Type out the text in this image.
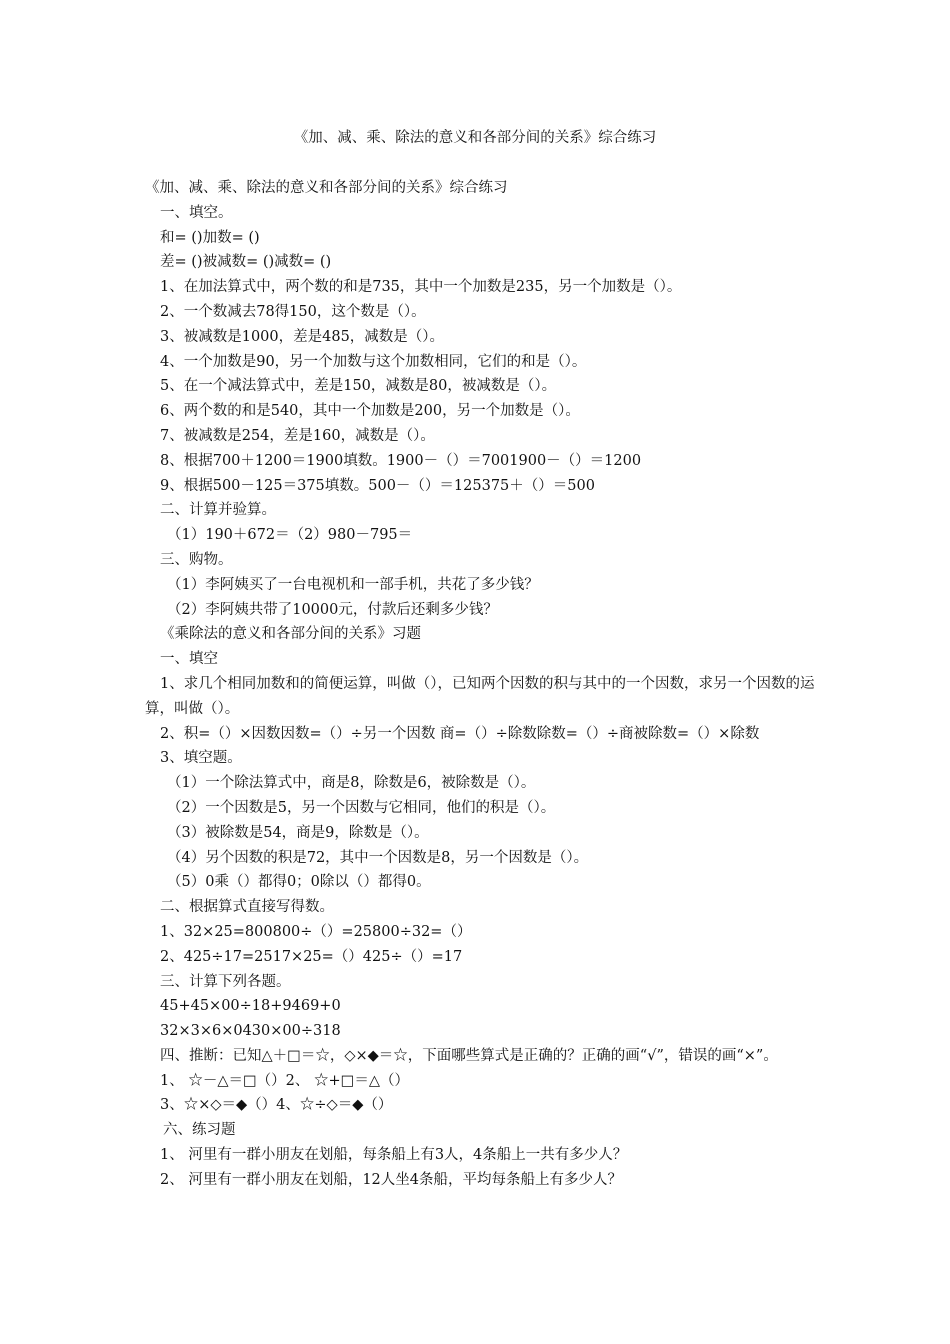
《加、减、乘、除法的意义和各部分间的关系》综合练习
《加、减、乘、除法的意义和各部分间的关系》综合练习
一、填空。
和= ()加数= ()
差= ()被减数= ()减数= ()
1、在加法算式中，两个数的和是735，其中一个加数是235，另一个加数是（）。
2、一个数减去78得150，这个数是（）。
3、被减数是1000，差是485，减数是（）。
4、一个加数是90，另一个加数与这个加数相同，它们的和是（）。
5、在一个减法算式中，差是150，减数是80，被减数是（）。
6、两个数的和是540，其中一个加数是200，另一个加数是（）。
7、被减数是254，差是160，减数是（）。
8、根据700＋1200＝1900填数。1900－（）＝7001900－（）＝1200
9、根据500－125＝375填数。500－（）＝125375＋（）＝500
二、计算并验算。
（1）190＋672＝（2）980－795＝
三、购物。
（1）李阿姨买了一台电视机和一部手机，共花了多少钱？
（2）李阿姨共带了10000元，付款后还剩多少钱？
《乘除法的意义和各部分间的关系》习题
一、填空
1、求几个相同加数和的简便运算，叫做（），已知两个因数的积与其中的一个因数，求另一个因数的运算，叫做（）。
2、积=（）×因数因数=（）÷另一个因数 商=（）÷除数除数=（）÷商被除数=（）×除数
3、填空题。
（1）一个除法算式中，商是8，除数是6，被除数是（）。
（2）一个因数是5，另一个因数与它相同，他们的积是（）。
（3）被除数是54，商是9，除数是（）。
（4）另个因数的积是72，其中一个因数是8，另一个因数是（）。
（5）0乘（）都得0；0除以（）都得0。
二、根据算式直接写得数。
1、32×25=800800÷（）=25800÷32=（）
2、425÷17=2517×25=（）425÷（）=17
三、计算下列各题。
45+45×00÷18+9469+0
32×3×6×0430×00÷318
四、推断：已知△＋□＝☆，◇×◆＝☆，下面哪些算式是正确的？正确的画“√”，错误的画“×”。
1、 ☆－△＝□（）2、 ☆+□＝△（）
3、☆×◇＝◆（）4、☆÷◇＝◆（）
六、练习题
1、 河里有一群小朋友在划船，每条船上有3人，4条船上一共有多少人？
2、 河里有一群小朋友在划船，12人坐4条船，平均每条船上有多少人？
